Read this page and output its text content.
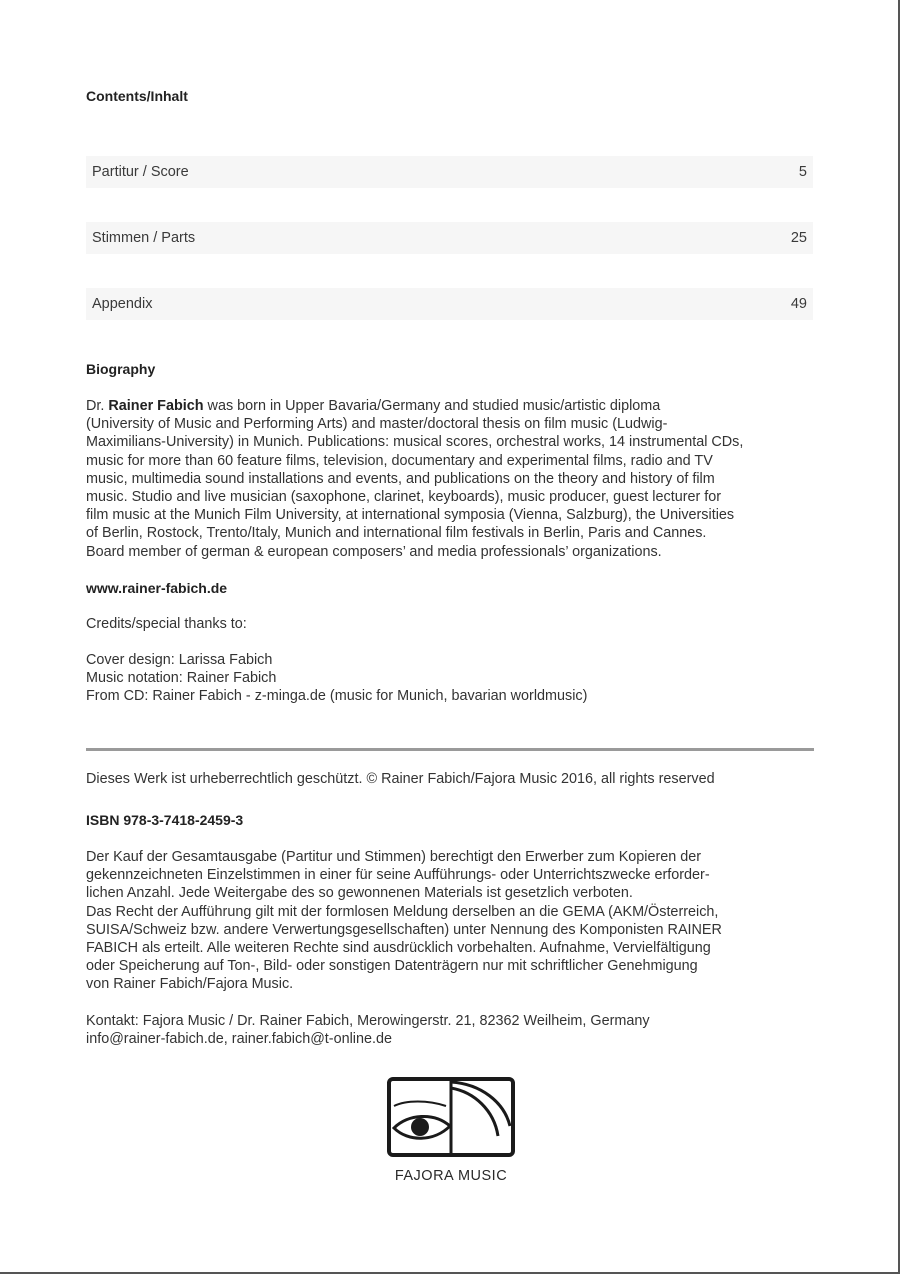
Contents/Inhalt
Partitur / Score	5
Stimmen / Parts	25
Appendix	49
Biography
Dr. Rainer Fabich was born in Upper Bavaria/Germany and studied music/artistic diploma
(University of Music and Performing Arts) and master/doctoral thesis on film music (Ludwig-
Maximilians-University) in Munich. Publications: musical scores, orchestral works, 14 instrumental CDs,
music for more than 60 feature films, television, documentary and experimental films, radio and TV
music, multimedia sound installations and events, and publications on the theory and history of film
music. Studio and live musician (saxophone, clarinet, keyboards), music producer, guest lecturer for
film music at the Munich Film University, at international symposia (Vienna, Salzburg), the Universities
of Berlin, Rostock, Trento/Italy, Munich and international film festivals in Berlin, Paris and Cannes.
Board member of german & european composers’ and media professionals’ organizations.
www.rainer-fabich.de
Credits/special thanks to:
Cover design: Larissa Fabich
Music notation: Rainer Fabich
From CD: Rainer Fabich - z-minga.de (music for Munich, bavarian worldmusic)
Dieses Werk ist urheberrechtlich geschützt. © Rainer Fabich/Fajora Music 2016, all rights reserved
ISBN 978-3-7418-2459-3
Der Kauf der Gesamtausgabe (Partitur und Stimmen) berechtigt den Erwerber zum Kopieren der
gekennzeichneten Einzelstimmen in einer für seine Aufführungs- oder Unterrichtszwecke erforder-
lichen Anzahl. Jede Weitergabe des so gewonnenen Materials ist gesetzlich verboten.
Das Recht der Aufführung gilt mit der formlosen Meldung derselben an die GEMA (AKM/Österreich,
SUISA/Schweiz bzw. andere Verwertungsgesellschaften) unter Nennung des Komponisten RAINER
FABICH als erteilt. Alle weiteren Rechte sind ausdrücklich vorbehalten. Aufnahme, Vervielfältigung
oder Speicherung auf Ton-, Bild- oder sonstigen Datenträgern nur mit schriftlicher Genehmigung
von Rainer Fabich/Fajora Music.
Kontakt: Fajora Music / Dr. Rainer Fabich, Merowingerstr. 21, 82362 Weilheim, Germany
info@rainer-fabich.de, rainer.fabich@t-online.de
FAJORA MUSIC
